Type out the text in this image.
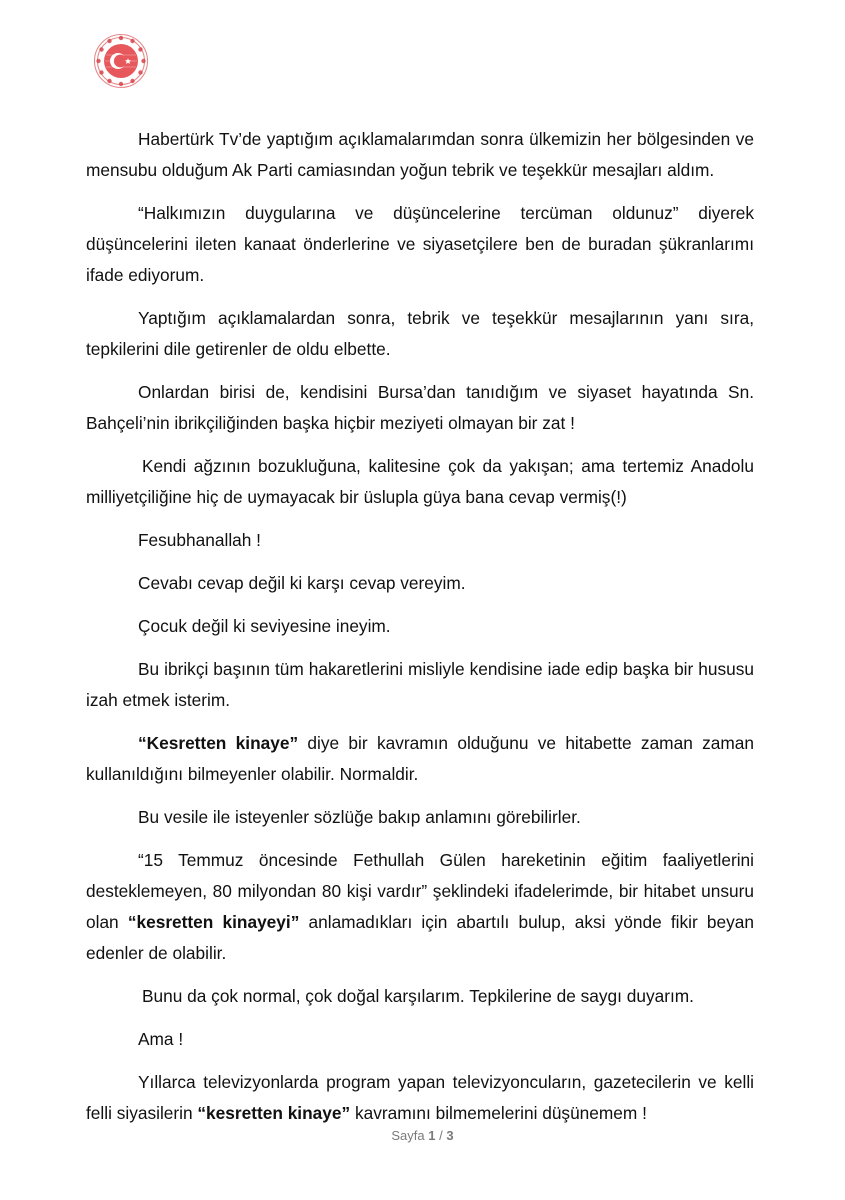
Habertürk Tv’de yaptığım açıklamalarımdan sonra ülkemizin her bölgesinden ve mensubu olduğum Ak Parti camiasından yoğun tebrik ve teşekkür mesajları aldım.

“Halkımızın duygularına ve düşüncelerine tercüman oldunuz” diyerek düşüncelerini ileten kanaat önderlerine ve siyasetçilere ben de buradan şükranlarımı ifade ediyorum.

Yaptığım açıklamalardan sonra, tebrik ve teşekkür mesajlarının yanı sıra, tepkilerini dile getirenler de oldu elbette.

Onlardan birisi de, kendisini Bursa’dan tanıdığım ve siyaset hayatında Sn. Bahçeli’nin ibrikçiliğinden başka hiçbir meziyeti olmayan bir zat !

Kendi ağzının bozukluğuna, kalitesine çok da yakışan; ama tertemiz Anadolu milliyetçiliğine hiç de uymayacak bir üslupla güya bana cevap vermiş(!)

Fesubhanallah !

Cevabı cevap değil ki karşı cevap vereyim.

Çocuk değil ki seviyesine ineyim.

Bu ibrikçi başının tüm hakaretlerini misliyle kendisine iade edip başka bir hususu izah etmek isterim.

“Kesretten kinaye” diye bir kavramın olduğunu ve hitabette zaman zaman kullanıldığını bilmeyenler olabilir. Normaldir.

Bu vesile ile isteyenler sözlüğe bakıp anlamını görebilirler.

“15 Temmuz öncesinde Fethullah Gülen hareketinin eğitim faaliyetlerini desteklemeyen, 80 milyondan 80 kişi vardır” şeklindeki ifadelerimde, bir hitabet unsuru olan “kesretten kinayeyi” anlamadıkları için abartılı bulup, aksi yönde fikir beyan edenler de olabilir.

Bunu da çok normal, çok doğal karşılarım. Tepkilerine de saygı duyarım.

Ama !

Yıllarca televizyonlarda program yapan televizyoncuların, gazetecilerin ve kelli felli siyasilerin “kesretten kinaye” kavramını bilmemelerini düşünemem !

Sayfa 1 / 3
